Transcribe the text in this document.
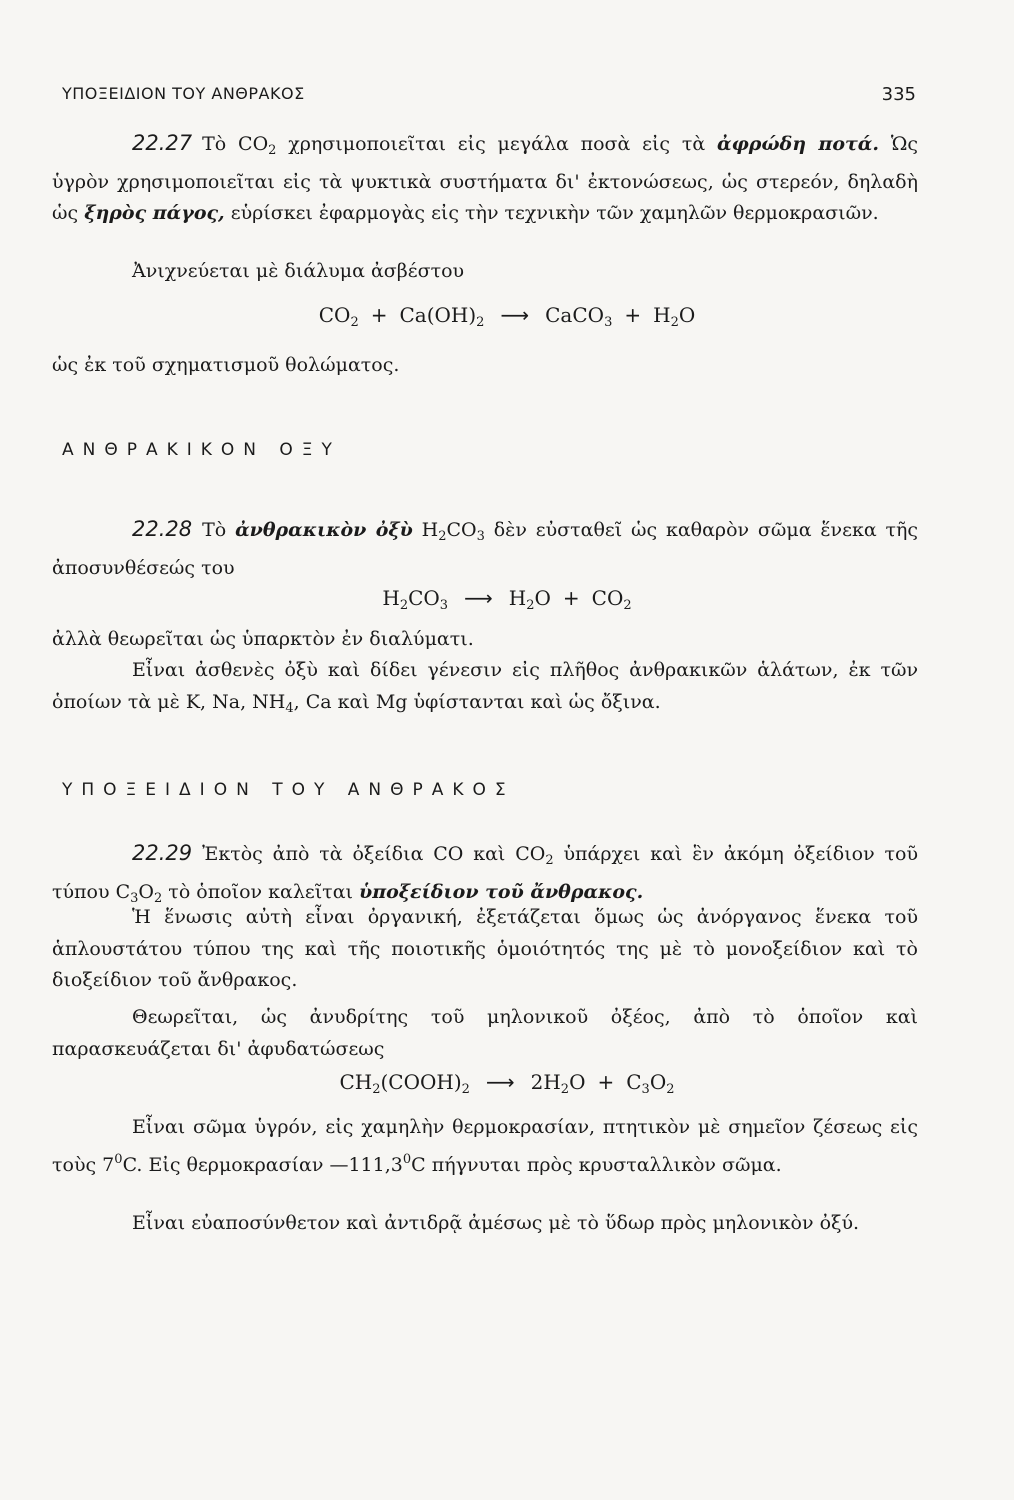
ΥΠΟΞΕΙΔΙΟΝ ΤΟΥ ΑΝΘΡΑΚΟΣ	335
22.27 Τὸ $CO_2$ χρησιμοποιεῖται εἰς μεγάλα ποσὰ εἰς τὰ ἀφρώδη ποτά. Ὡς ὑγρὸν χρησιμοποιεῖται εἰς τὰ ψυκτικὰ συστήματα δι' ἐκτονώσεως, ὡς στερεόν, δηλαδὴ ὡς ξηρὸς πάγος, εὑρίσκει ἐφαρμογὰς εἰς τὴν τεχνικὴν τῶν χαμηλῶν θερμοκρασιῶν.
Ἀνιχνεύεται μὲ διάλυμα ἀσβέστου
$CO_2 + Ca(OH)_2$ ⟶ CaCO$_3$ + $H_2O$
ὡς ἐκ τοῦ σχηματισμοῦ θολώματος.
ΑΝΘΡΑΚΙΚΟΝ ΟΞΥ
22.28 Τὸ ἀνθρακικὸν ὀξὺ $H_2CO_3$ δὲν εὐσταθεῖ ὡς καθαρὸν σῶμα ἕνεκα τῆς ἀποσυνθέσεώς του
$H_2CO_3$ ⟶ $H_2O + CO_2$
ἀλλὰ θεωρεῖται ὡς ὑπαρκτὸν ἐν διαλύματι.
Εἶναι ἀσθενὲς ὀξὺ καὶ δίδει γένεσιν εἰς πλῆθος ἀνθρακικῶν ἁλάτων, ἐκ τῶν ὁποίων τὰ μὲ K, Na, $NH_4$, Ca καὶ Mg ὑφίστανται καὶ ὡς ὄξινα.
ΥΠΟΞΕΙΔΙΟΝ ΤΟΥ ΑΝΘΡΑΚΟΣ
22.29 Ἐκτὸς ἀπὸ τὰ ὀξείδια CO καὶ $CO_2$ ὑπάρχει καὶ ἓν ἀκόμη ὀξείδιον τοῦ τύπου $C_3O_2$ τὸ ὁποῖον καλεῖται ὑποξείδιον τοῦ ἄνθρακος.
Ἡ ἕνωσις αὐτὴ εἶναι ὀργανική, ἐξετάζεται ὅμως ὡς ἀνόργανος ἕνεκα τοῦ ἁπλουστάτου τύπου της καὶ τῆς ποιοτικῆς ὁμοιότητός της μὲ τὸ μονοξείδιον καὶ τὸ διοξείδιον τοῦ ἄνθρακος.
Θεωρεῖται, ὡς ἀνυδρίτης τοῦ μηλονικοῦ ὀξέος, ἀπὸ τὸ ὁποῖον καὶ παρασκευάζεται δι' ἀφυδατώσεως
$CH_2(COOH)_2$ ⟶ $2H_2O + C_3O_2$
Εἶναι σῶμα ὑγρόν, εἰς χαμηλὴν θερμοκρασίαν, πτητικὸν μὲ σημεῖον ζέσεως εἰς τοὺς $7^0C$. Εἰς θερμοκρασίαν —111,3$^0$C πήγνυται πρὸς κρυσταλλικὸν σῶμα.
Εἶναι εὐαποσύνθετον καὶ ἀντιδρᾷ ἀμέσως μὲ τὸ ὕδωρ πρὸς μηλονικὸν ὀξύ.
